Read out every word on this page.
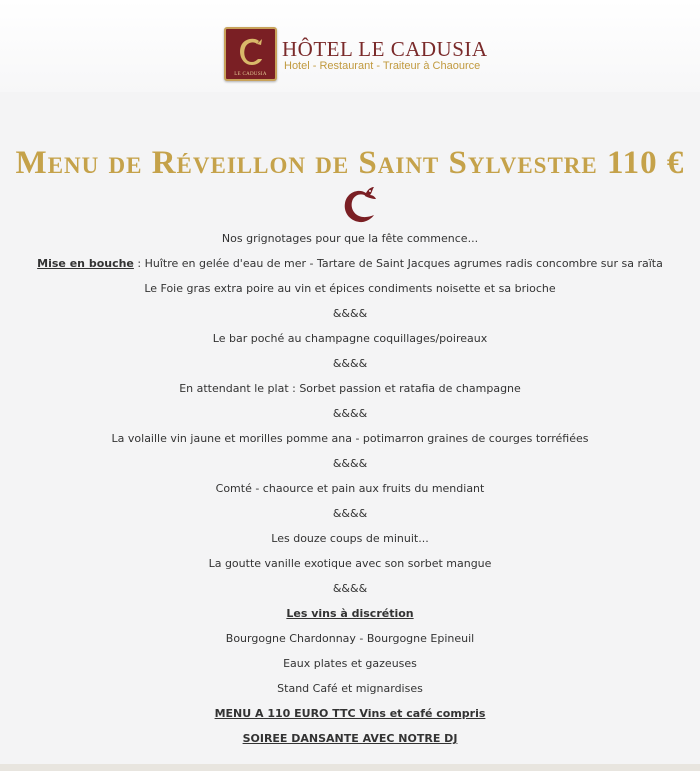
LE CADUSIA
HÔTEL LE CADUSIA
Hotel - Restaurant - Traiteur à Chaource
Menu de Réveillon de Saint Sylvestre 110 €
Nos grignotages pour que la fête commence...
Mise en bouche : Huître en gelée d'eau de mer - Tartare de Saint Jacques agrumes radis concombre sur sa raïta
Le Foie gras extra poire au vin et épices condiments noisette et sa brioche
&&&&
Le bar poché au champagne coquillages/poireaux
&&&&
En attendant le plat : Sorbet passion et ratafia de champagne
&&&&
La volaille vin jaune et morilles pomme ana - potimarron graines de courges torréfiées
&&&&
Comté - chaource et pain aux fruits du mendiant
&&&&
Les douze coups de minuit...
La goutte vanille exotique avec son sorbet mangue
&&&&
Les vins à discrétion
Bourgogne Chardonnay - Bourgogne Epineuil
Eaux plates et gazeuses
Stand Café et mignardises
MENU A 110 EURO TTC Vins et café compris
SOIREE DANSANTE AVEC NOTRE DJ
